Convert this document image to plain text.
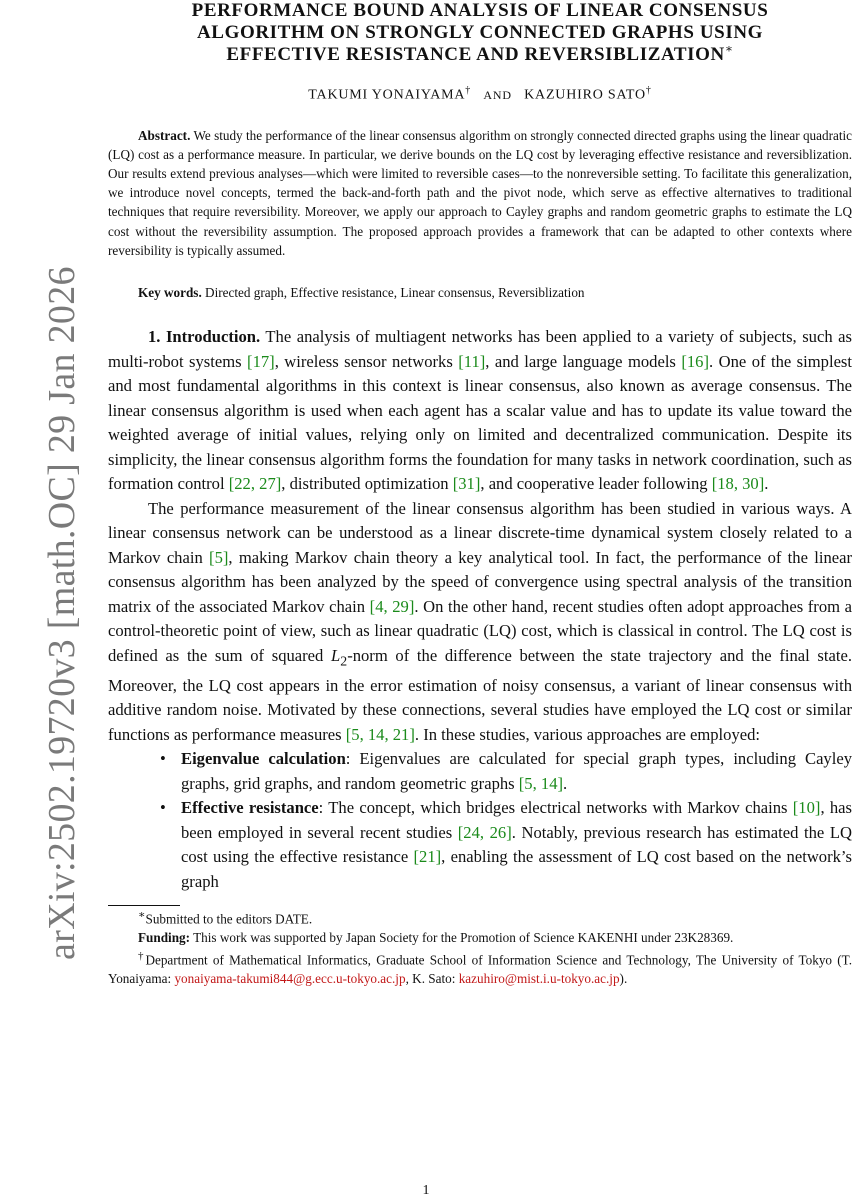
arXiv:2502.19720v3 [math.OC] 29 Jan 2026
PERFORMANCE BOUND ANALYSIS OF LINEAR CONSENSUS
ALGORITHM ON STRONGLY CONNECTED GRAPHS USING
EFFECTIVE RESISTANCE AND REVERSIBLIZATION∗
TAKUMI YONAIYAMA† AND KAZUHIRO SATO†
Abstract. We study the performance of the linear consensus algorithm on strongly connected directed graphs using the linear quadratic (LQ) cost as a performance measure. In particular, we derive bounds on the LQ cost by leveraging effective resistance and reversiblization. Our results extend previous analyses—which were limited to reversible cases—to the nonreversible setting. To facilitate this generalization, we introduce novel concepts, termed the back-and-forth path and the pivot node, which serve as effective alternatives to traditional techniques that require reversibility. Moreover, we apply our approach to Cayley graphs and random geometric graphs to estimate the LQ cost without the reversibility assumption. The proposed approach provides a framework that can be adapted to other contexts where reversibility is typically assumed.
Key words. Directed graph, Effective resistance, Linear consensus, Reversiblization
1. Introduction. The analysis of multiagent networks has been applied to a variety of subjects, such as multi-robot systems [17], wireless sensor networks [11], and large language models [16]. One of the simplest and most fundamental algorithms in this context is linear consensus, also known as average consensus. The linear consensus algorithm is used when each agent has a scalar value and has to update its value toward the weighted average of initial values, relying only on limited and decentralized communication. Despite its simplicity, the linear consensus algorithm forms the foundation for many tasks in network coordination, such as formation control [22, 27], distributed optimization [31], and cooperative leader following [18, 30].
The performance measurement of the linear consensus algorithm has been studied in various ways. A linear consensus network can be understood as a linear discrete-time dynamical system closely related to a Markov chain [5], making Markov chain theory a key analytical tool. In fact, the performance of the linear consensus algorithm has been analyzed by the speed of convergence using spectral analysis of the transition matrix of the associated Markov chain [4, 29]. On the other hand, recent studies often adopt approaches from a control-theoretic point of view, such as linear quadratic (LQ) cost, which is classical in control. The LQ cost is defined as the sum of squared $L_2$-norm of the difference between the state trajectory and the final state. Moreover, the LQ cost appears in the error estimation of noisy consensus, a variant of linear consensus with additive random noise. Motivated by these connections, several studies have employed the LQ cost or similar functions as performance measures [5, 14, 21]. In these studies, various approaches are employed:
• Eigenvalue calculation: Eigenvalues are calculated for special graph types, including Cayley graphs, grid graphs, and random geometric graphs [5, 14].
• Effective resistance: The concept, which bridges electrical networks with Markov chains [10], has been employed in several recent studies [24, 26]. Notably, previous research has estimated the LQ cost using the effective resistance [21], enabling the assessment of LQ cost based on the network’s graph

∗Submitted to the editors DATE.

Funding: This work was supported by Japan Society for the Promotion of Science KAKENHI under 23K28369.

†Department of Mathematical Informatics, Graduate School of Information Science and Technology, The University of Tokyo (T. Yonaiyama: yonaiyama-takumi844@g.ecc.u-tokyo.ac.jp, K. Sato: kazuhiro@mist.i.u-tokyo.ac.jp).

1
